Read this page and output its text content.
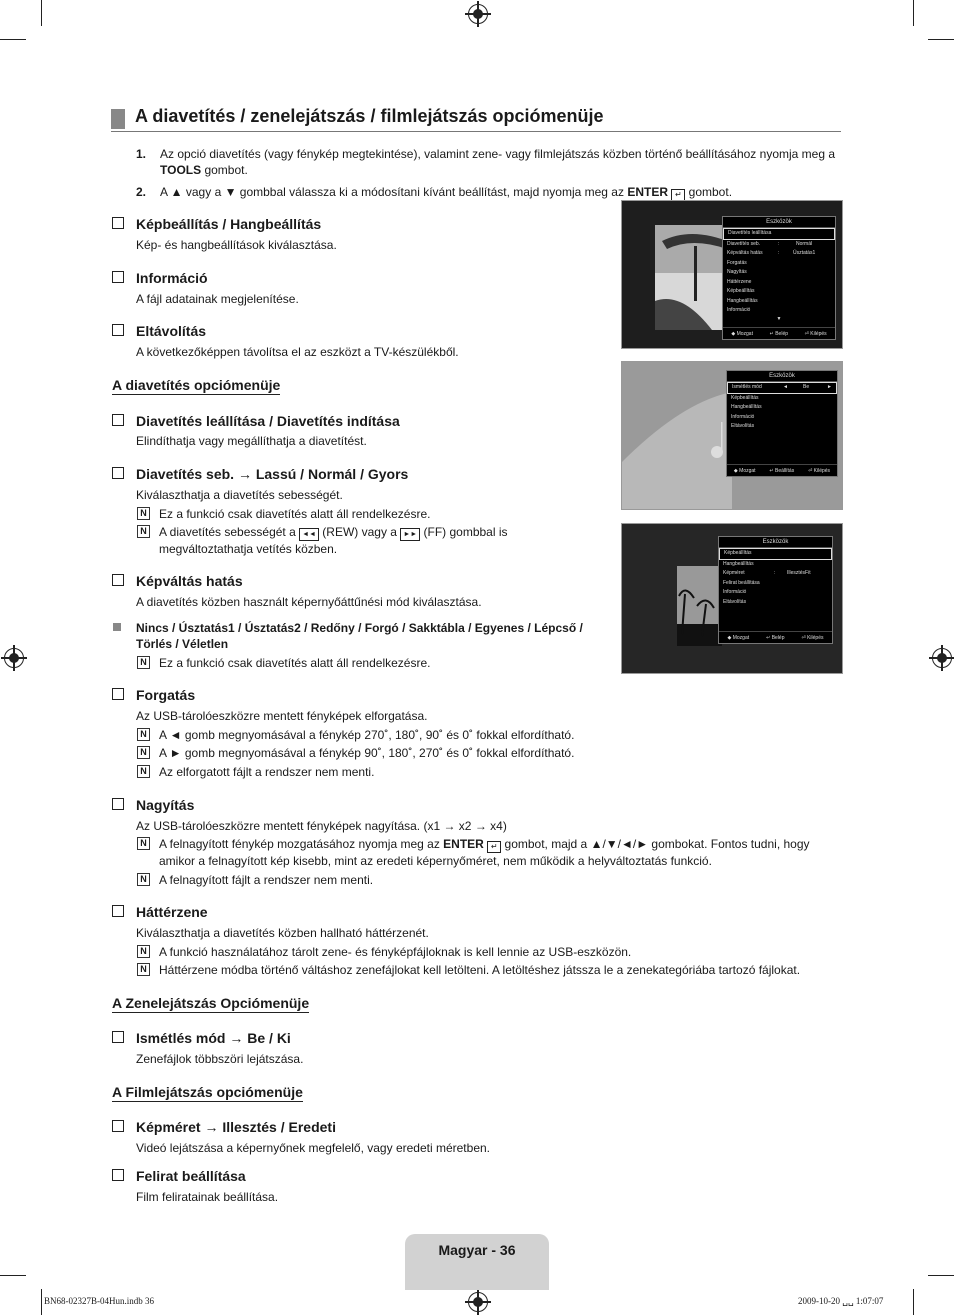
A diavetítés / zenelejátszás / filmlejátszás opciómenüje
1. Az opció diavetítés (vagy fénykép megtekintése), valamint zene- vagy filmlejátszás közben történő beállításához nyomja meg a TOOLS gombot.
2. A ▲ vagy a ▼ gombbal válassza ki a módosítani kívánt beállítást, majd nyomja meg az ENTER ↵ gombot.
Képbeállítás / Hangbeállítás
Kép- és hangbeállítások kiválasztása.
Információ
A fájl adatainak megjelenítése.
Eltávolítás
A következőképpen távolítsa el az eszközt a TV-készülékből.
A diavetítés opciómenüje
Diavetítés leállítása / Diavetítés indítása
Elindíthatja vagy megállíthatja a diavetítést.
Diavetítés seb. → Lassú / Normál / Gyors
Kiválaszthatja a diavetítés sebességét.
N Ez a funkció csak diavetítés alatt áll rendelkezésre.
N A diavetítés sebességét a ◄◄ (REW) vagy a ►► (FF) gombbal is
megváltoztathatja vetítés közben.
Képváltás hatás
A diavetítés közben használt képernyőáttűnési mód kiválasztása.
Nincs / Úsztatás1 / Úsztatás2 / Redőny / Forgó / Sakktábla / Egyenes / Lépcső /
Törlés / Véletlen
N Ez a funkció csak diavetítés alatt áll rendelkezésre.
Forgatás
Az USB-tárolóeszközre mentett fényképek elforgatása.
N A ◄ gomb megnyomásával a fénykép 270˚, 180˚, 90˚ és 0˚ fokkal elfordítható.
N A ► gomb megnyomásával a fénykép 90˚, 180˚, 270˚ és 0˚ fokkal elfordítható.
N Az elforgatott fájlt a rendszer nem menti.
Nagyítás
Az USB-tárolóeszközre mentett fényképek nagyítása. (x1 → x2 → x4)
N A felnagyított fénykép mozgatásához nyomja meg az ENTER ↵ gombot, majd a ▲/▼/◄/► gombokat. Fontos tudni, hogy
amikor a felnagyított kép kisebb, mint az eredeti képernyőméret, nem működik a helyváltoztatás funkció.
N A felnagyított fájlt a rendszer nem menti.
Háttérzene
Kiválaszthatja a diavetítés közben hallható háttérzenét.
N A funkció használatához tárolt zene- és fényképfájloknak is kell lennie az USB-eszközön.
N Háttérzene módba történő váltáshoz zenefájlokat kell letölteni. A letöltéshez játssza le a zenekategóriába tartozó fájlokat.
A Zenelejátszás Opciómenüje
Ismétlés mód → Be / Ki
Zenefájlok többszöri lejátszása.
A Filmlejátszás opciómenüje
Képméret → Illesztés / Eredeti
Videó lejátszása a képernyőnek megfelelő, vagy eredeti méretben.
Felirat beállítása
Film feliratainak beállítása.
Eszközök
Diavetítés leállítása
Diavetítés seb.	:	Normál
Képváltás hatás	:	Úsztatás1
Forgatás
Nagyítás
Háttérzene
Képbeállítás
Hangbeállítás
Információ
▼
◆ Mozgat	↵ Belép	⏎ Kilépés
Eszközök
Ismétlés mód	◄	Be	►
Képbeállítás
Hangbeállítás
Információ
Eltávolítás
◆ Mozgat	↵ Beállítás	⏎ Kilépés
Eszközök
Képbeállítás
Hangbeállítás
Képméret	: IllesztésFit
Felirat beállítása
Információ
Eltávolítás
◆ Mozgat	↵ Belép	⏎ Kilépés
Magyar - 36
BN68-02327B-04Hun.indb 36	2009-10-20 ␣␣ 1:07:07
